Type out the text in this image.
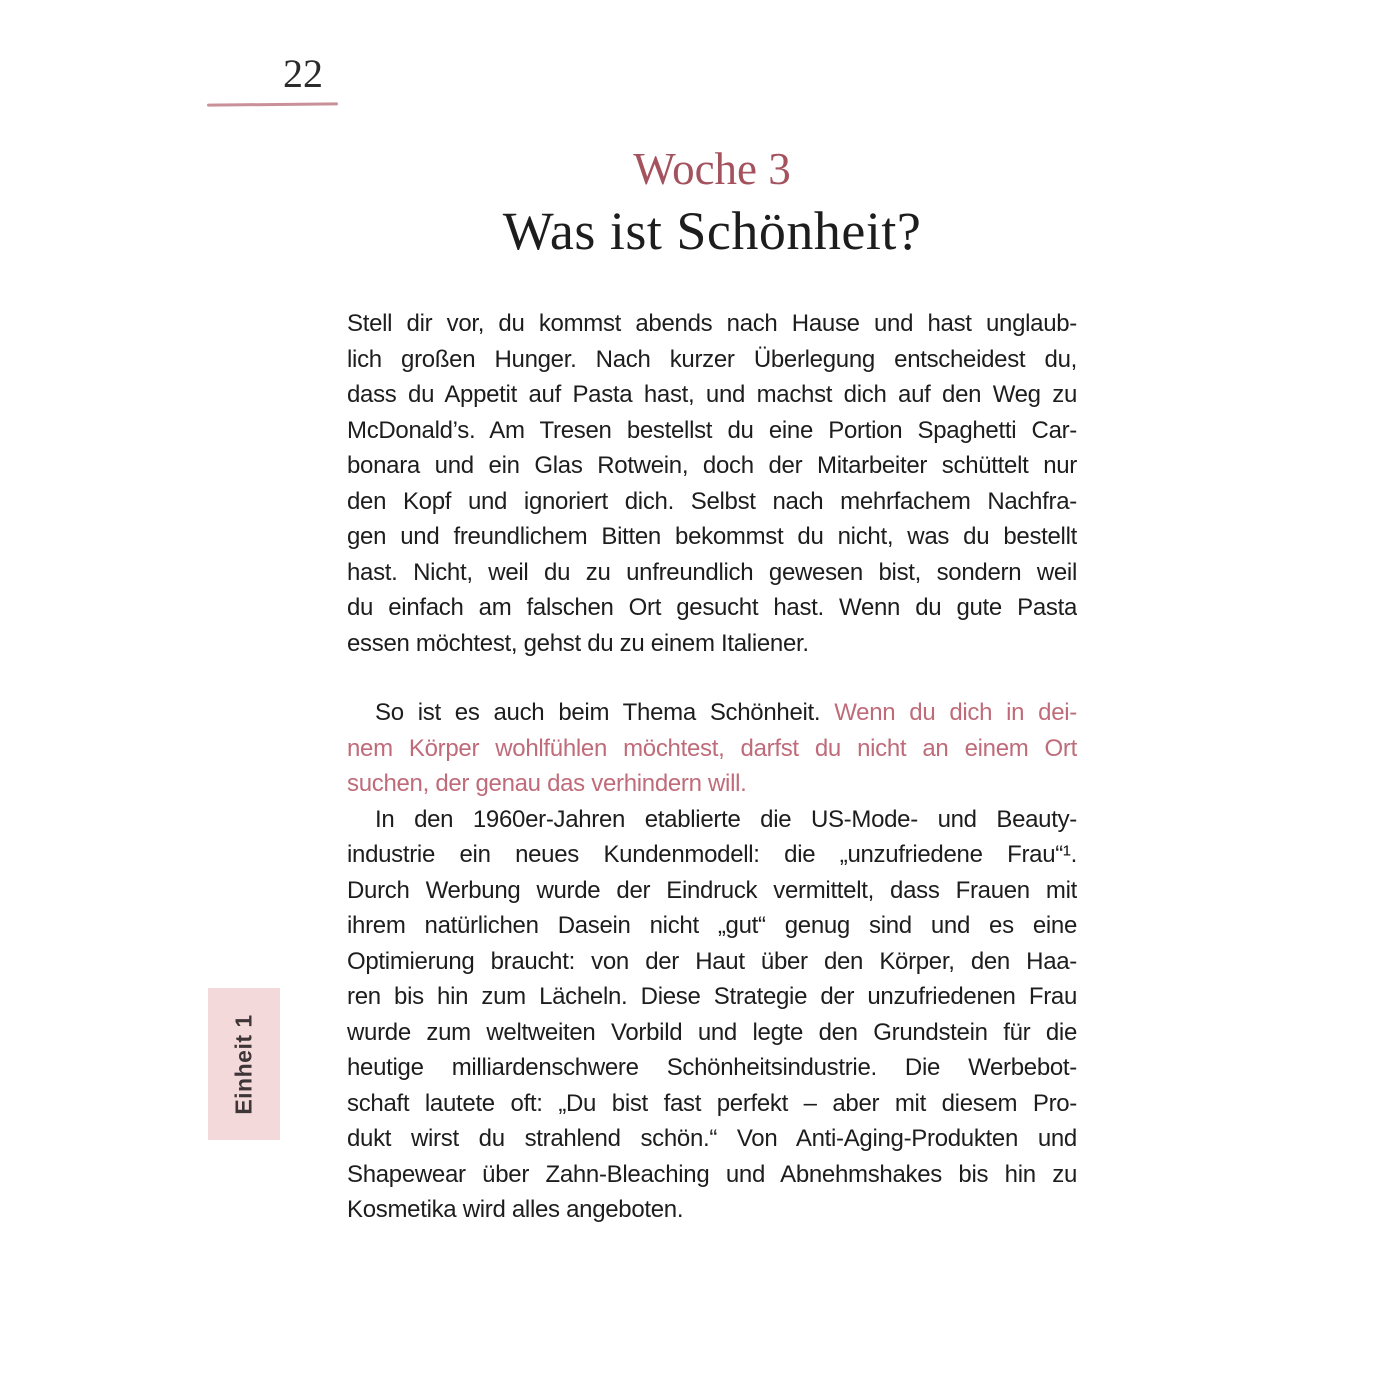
22
Woche 3
Was ist Schönheit?
Stell dir vor, du kommst abends nach Hause und hast unglaub-
lich großen Hunger. Nach kurzer Überlegung entscheidest du,
dass du Appetit auf Pasta hast, und machst dich auf den Weg zu
McDonald’s. Am Tresen bestellst du eine Portion Spaghetti Car-
bonara und ein Glas Rotwein, doch der Mitarbeiter schüttelt nur
den Kopf und ignoriert dich. Selbst nach mehrfachem Nachfra-
gen und freundlichem Bitten bekommst du nicht, was du bestellt
hast. Nicht, weil du zu unfreundlich gewesen bist, sondern weil
du einfach am falschen Ort gesucht hast. Wenn du gute Pasta
essen möchtest, gehst du zu einem Italiener.
So ist es auch beim Thema Schönheit. Wenn du dich in dei-
nem Körper wohlfühlen möchtest, darfst du nicht an einem Ort
suchen, der genau das verhindern will.
In den 1960er-Jahren etablierte die US-Mode- und Beauty-
industrie ein neues Kundenmodell: die „unzufriedene Frau“¹.
Durch Werbung wurde der Eindruck vermittelt, dass Frauen mit
ihrem natürlichen Dasein nicht „gut“ genug sind und es eine
Optimierung braucht: von der Haut über den Körper, den Haa-
ren bis hin zum Lächeln. Diese Strategie der unzufriedenen Frau
wurde zum weltweiten Vorbild und legte den Grundstein für die
heutige milliardenschwere Schönheitsindustrie. Die Werbebot-
schaft lautete oft: „Du bist fast perfekt – aber mit diesem Pro-
dukt wirst du strahlend schön.“ Von Anti-Aging-Produkten und
Shapewear über Zahn-Bleaching und Abnehmshakes bis hin zu
Kosmetika wird alles angeboten.
Einheit 1
